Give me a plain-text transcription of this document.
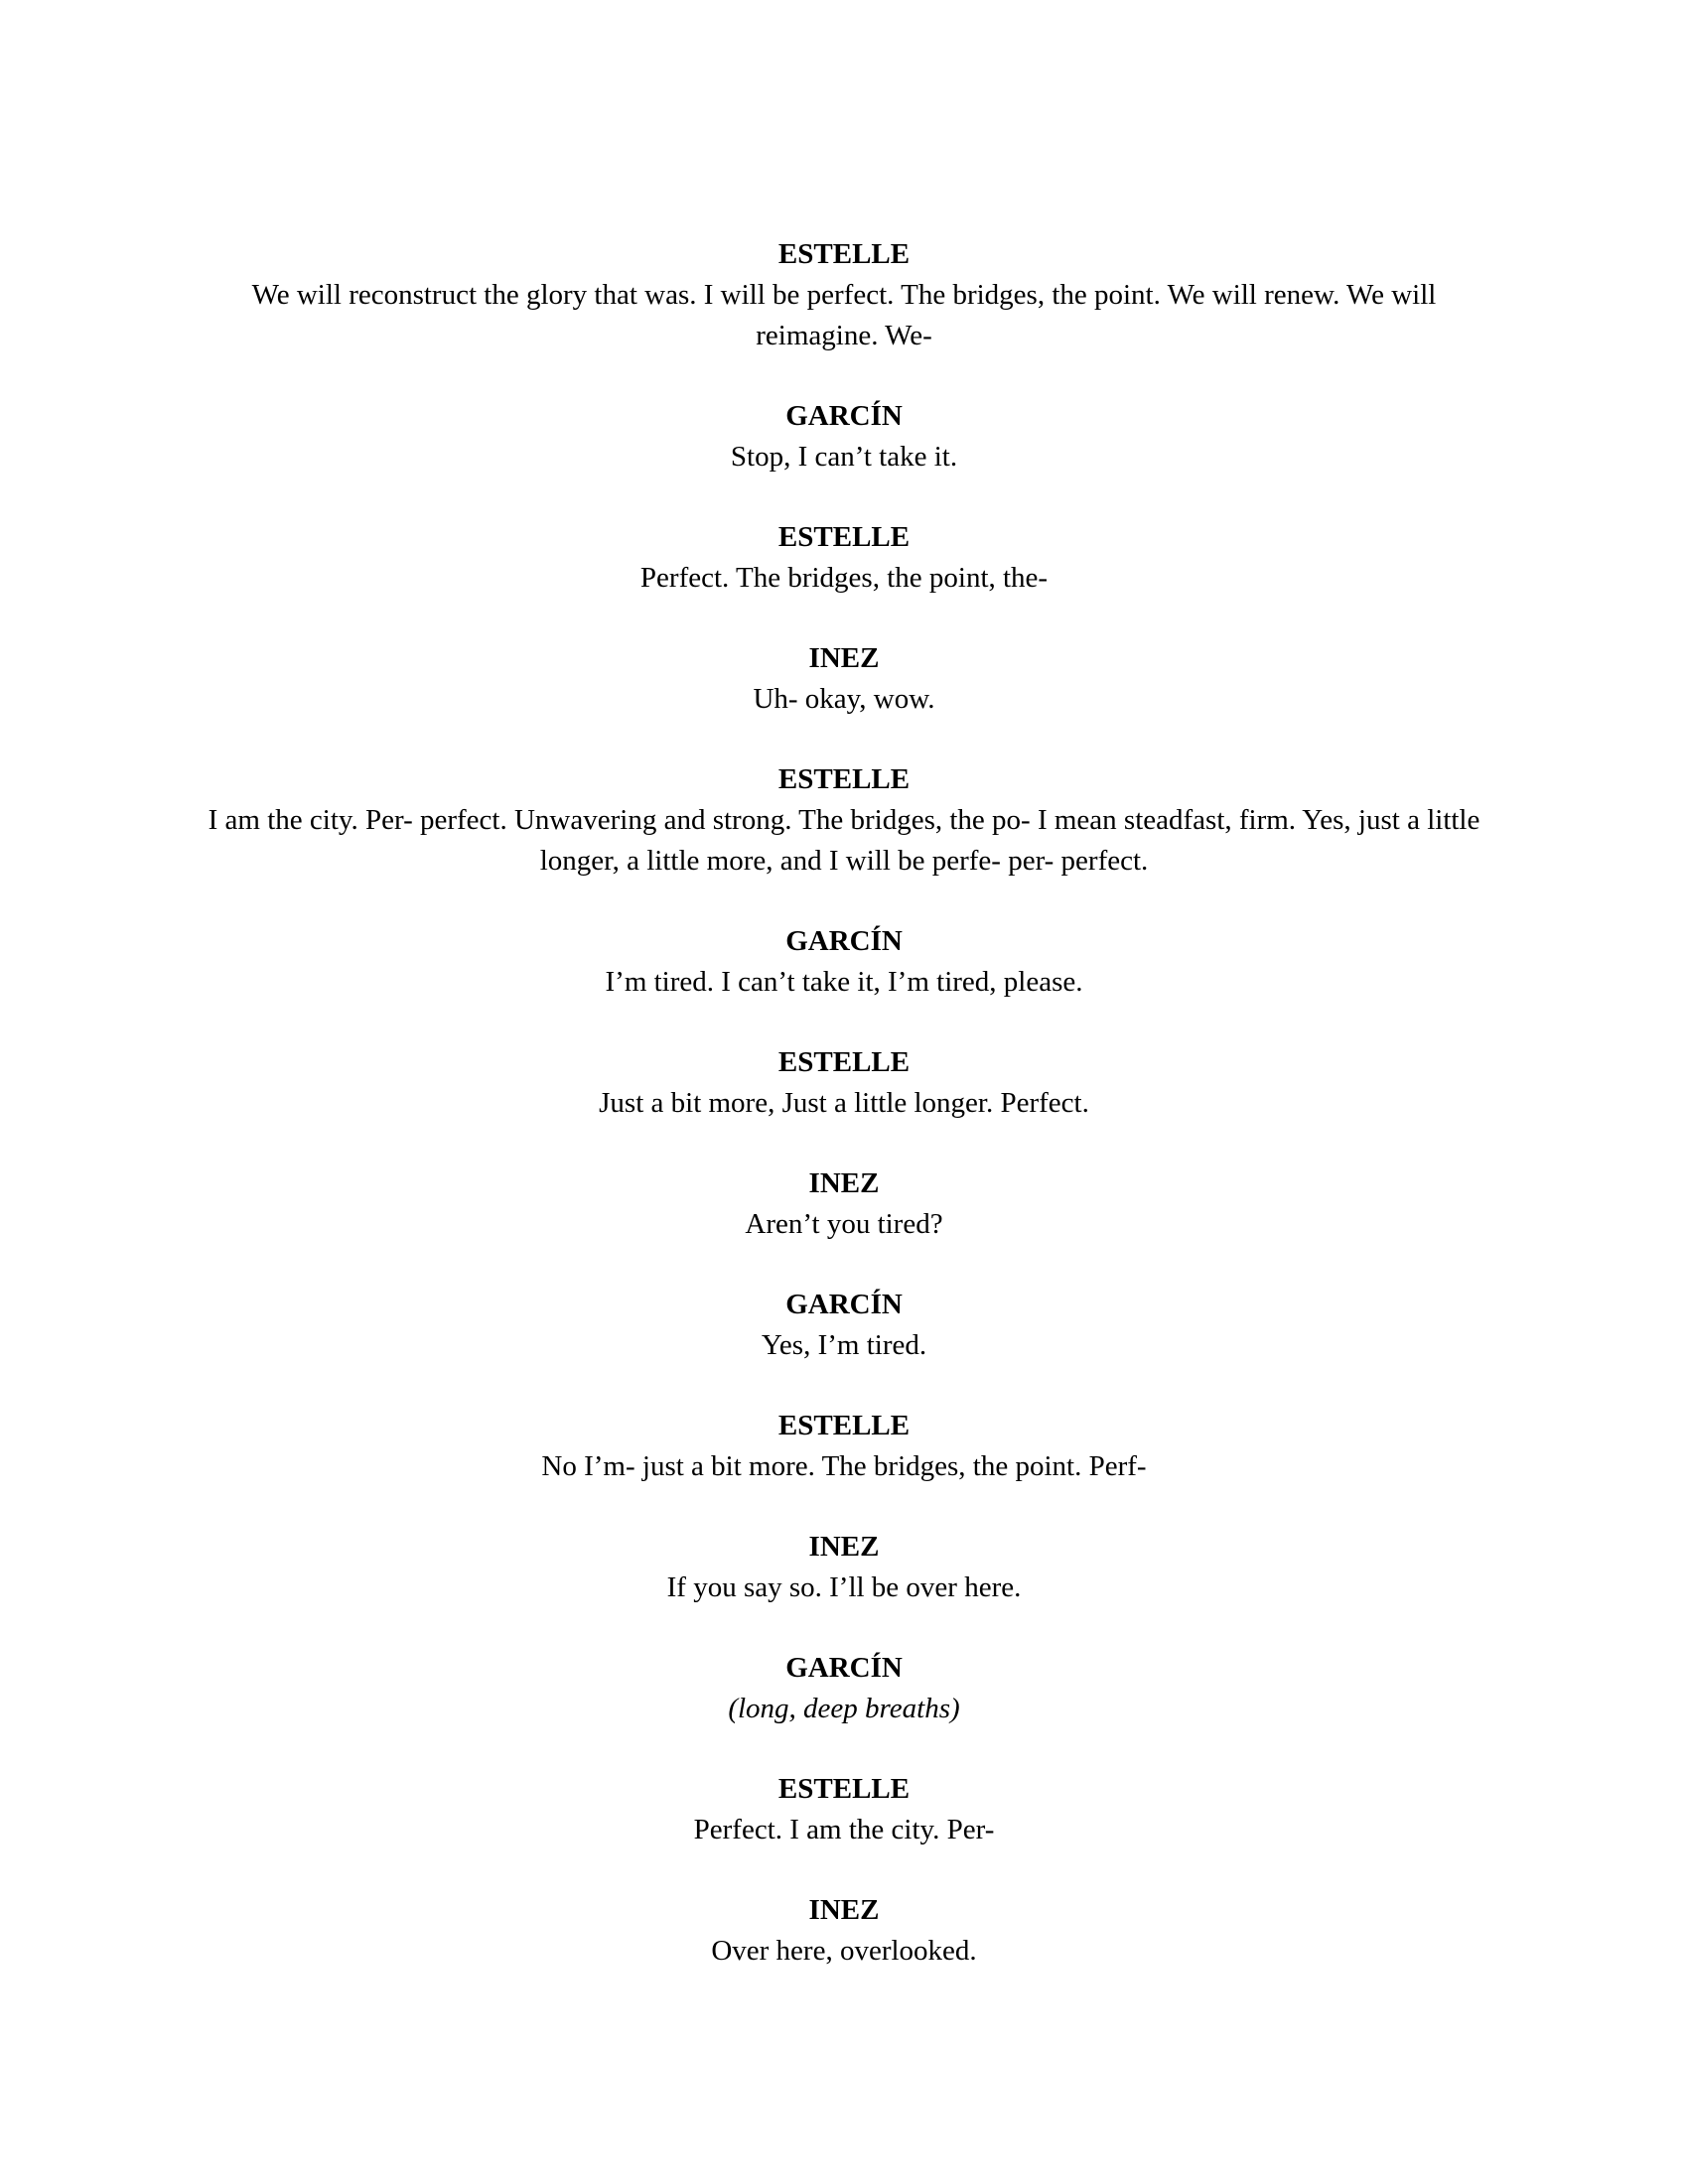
ESTELLE
We will reconstruct the glory that was. I will be perfect. The bridges, the point. We will renew. We will reimagine. We-
GARCÍN
Stop, I can’t take it.
ESTELLE
Perfect. The bridges, the point, the-
INEZ
Uh- okay, wow.
ESTELLE
I am the city. Per- perfect. Unwavering and strong. The bridges, the po- I mean steadfast, firm. Yes, just a little longer, a little more, and I will be perfe- per- perfect.
GARCÍN
I’m tired. I can’t take it, I’m tired, please.
ESTELLE
Just a bit more, Just a little longer. Perfect.
INEZ
Aren’t you tired?
GARCÍN
Yes, I’m tired.
ESTELLE
No I’m- just a bit more. The bridges, the point. Perf-
INEZ
If you say so. I’ll be over here.
GARCÍN
(long, deep breaths)
ESTELLE
Perfect. I am the city. Per-
INEZ
Over here, overlooked.
